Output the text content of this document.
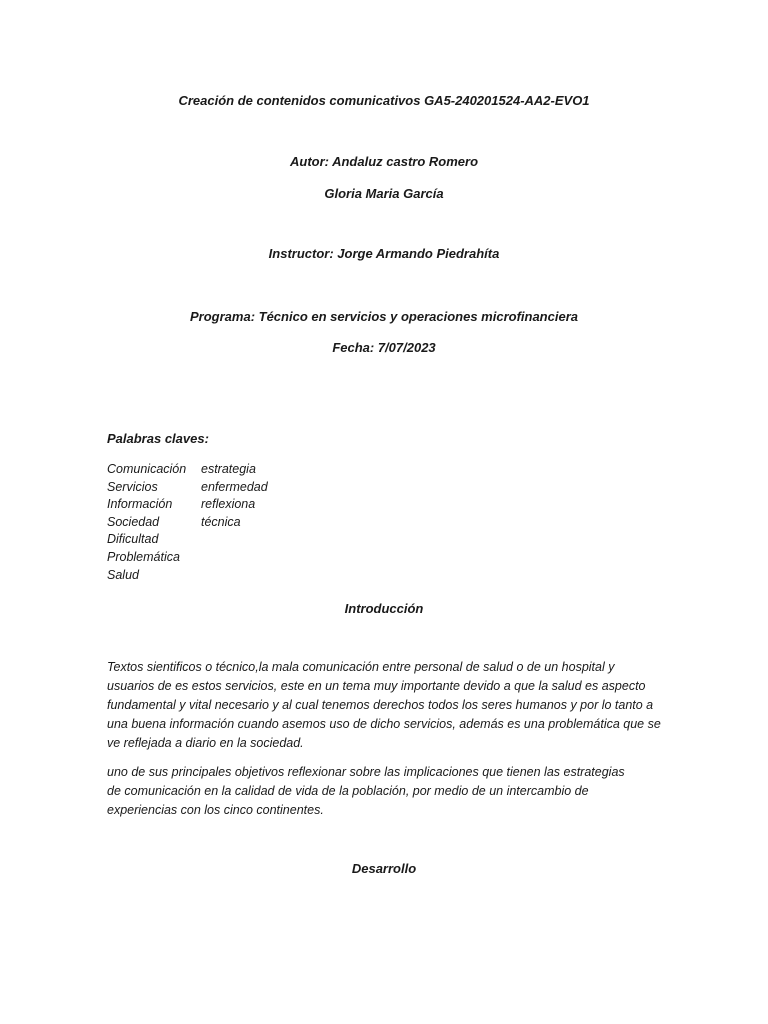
Creación de contenidos comunicativos GA5-240201524-AA2-EVO1
Autor: Andaluz castro Romero
Gloria Maria García
Instructor: Jorge Armando Piedrahíta
Programa: Técnico en servicios y operaciones microfinanciera
Fecha: 7/07/2023
Palabras claves:
Comunicación	estrategia
Servicios	enfermedad
Información	reflexiona
Sociedad	técnica
Dificultad
Problemática
Salud
Introducción
Textos sientificos o técnico,la mala comunicación entre personal de salud o de un hospital y
usuarios de es estos servicios, este en un tema muy importante devido a que la salud es aspecto
fundamental y vital necesario y al cual tenemos derechos todos los seres humanos y por lo tanto a
una buena información cuando asemos uso de dicho servicios, además es una problemática que se
ve reflejada a diario en la sociedad.
uno de sus principales objetivos reflexionar sobre las implicaciones que tienen las estrategias
de comunicación en la calidad de vida de la población, por medio de un intercambio de
experiencias con los cinco continentes.
Desarrollo
